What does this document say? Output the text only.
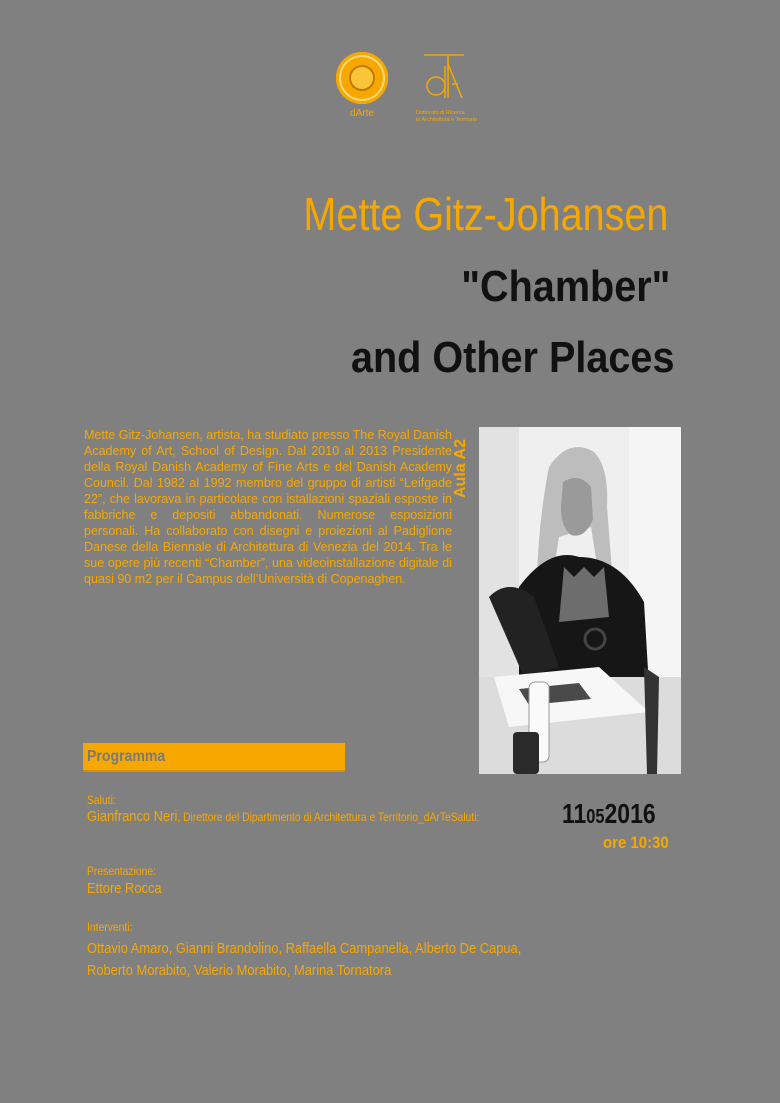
dArte	Dottorato di Ricerca
in Architettura e Territorio
Mette Gitz-Johansen
"Chamber"
and Other Places
Mette Gitz-Johansen, artista, ha studiato presso The Royal Danish Academy of Art, School of Design. Dal 2010 al 2013 Presidente della Royal Danish Academy of Fine Arts e del Danish Academy Council. Dal 1982 al 1992 membro del gruppo di artisti “Leifgade 22”, che lavorava in particolare con istallazioni spaziali esposte in fabbriche e depositi abbandonati. Numerose esposizioni personali. Ha collaborato con disegni e proiezioni al Padiglione Danese della Biennale di Architettura di Venezia del 2014. Tra le sue opere più recenti “Chamber”, una videoinstallazione digitale di quasi 90 m2 per il Campus dell’Università di Copenaghen.
Aula A2
Programma
Saluti:
Gianfranco Neri, Direttore del Dipartimento di Architettura e Territorio_dArTeSaluti:
Presentazione:
Ettore Rocca
Interventi:
Ottavio Amaro, Gianni Brandolino, Raffaella Campanella, Alberto De Capua,
Roberto Morabito, Valerio Morabito, Marina Tornatora
11052016
ore 10:30
